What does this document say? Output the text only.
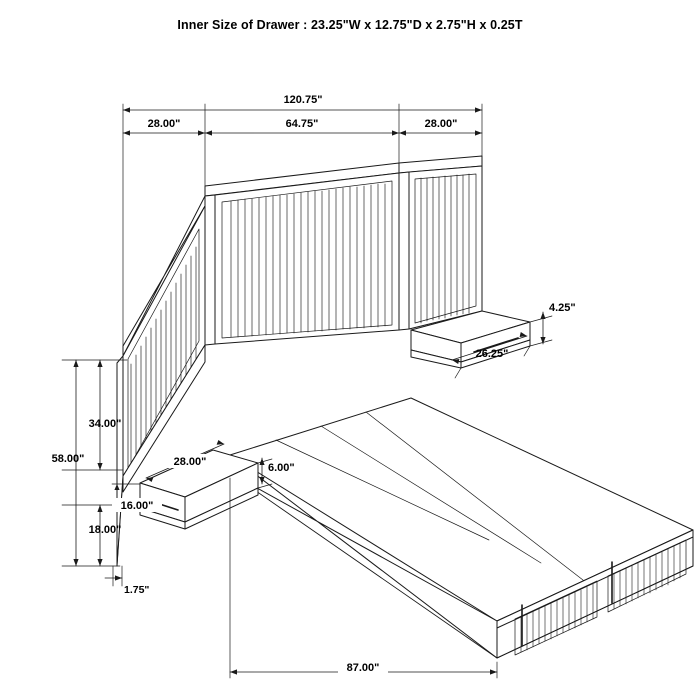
Inner Size of Drawer : 23.25"W x 12.75"D x 2.75"H x 0.25T
120.75"
28.00"	64.75"	28.00"
4.25"
26.25"
34.00"
58.00"	28.00"	6.00"
16.00"
18.00"
1.75"
87.00"
